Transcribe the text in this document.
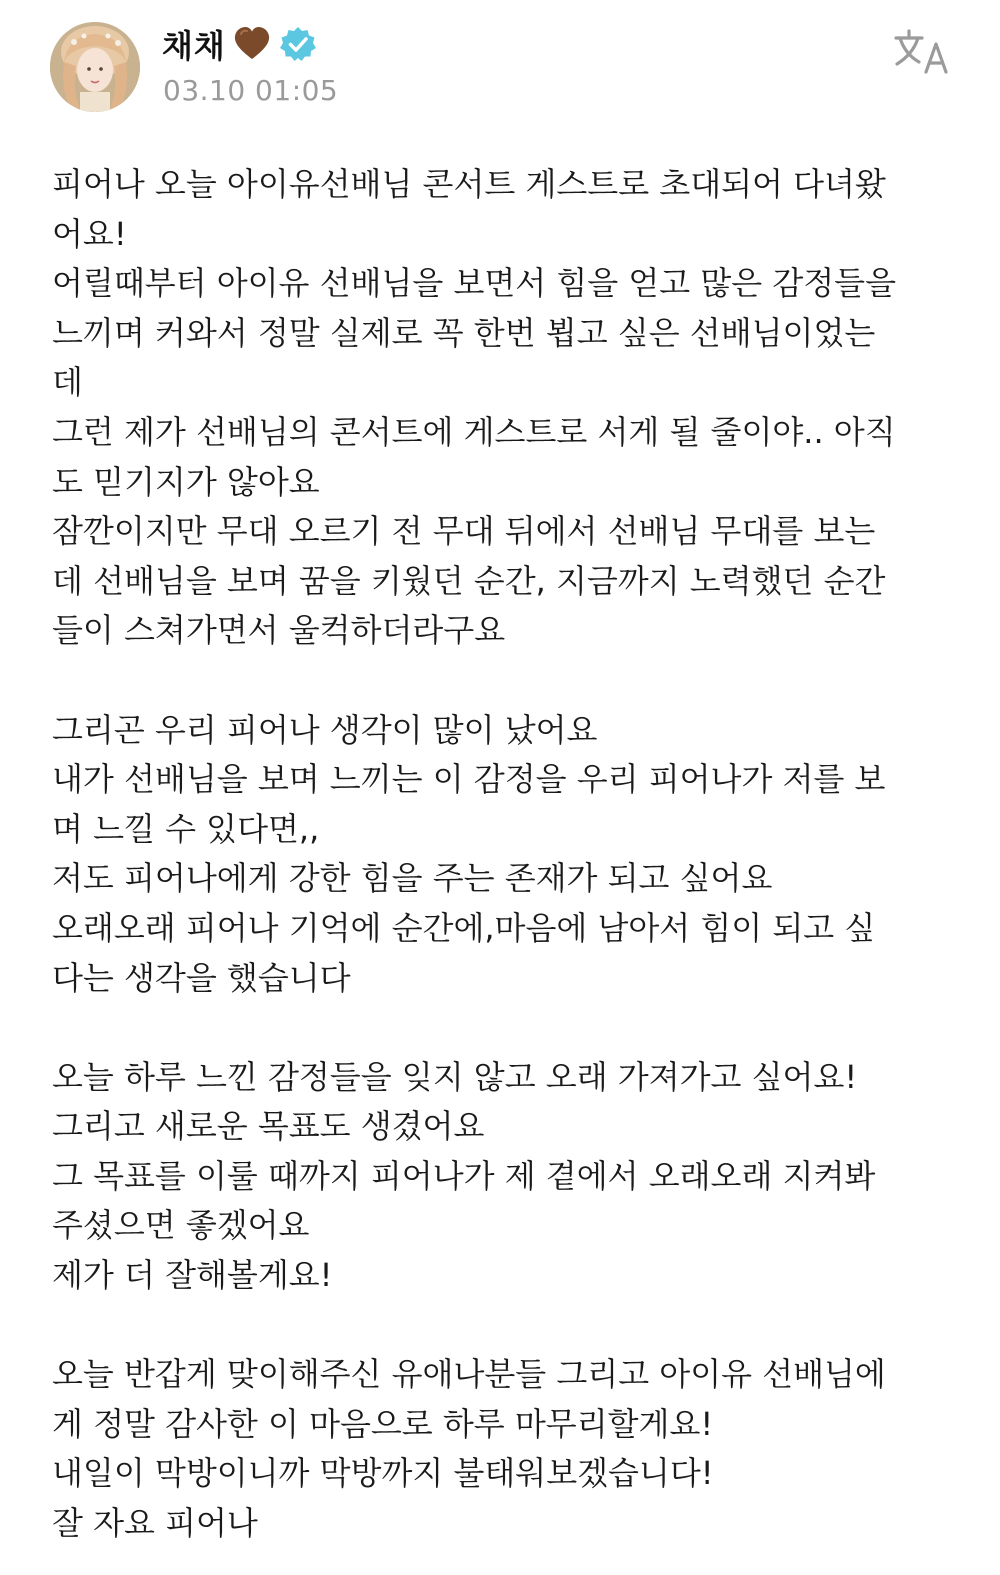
채채
03.10 01:05
피어나 오늘 아이유선배님 콘서트 게스트로 초대되어 다녀왔
어요!
어릴때부터 아이유 선배님을 보면서 힘을 얻고 많은 감정들을
느끼며 커와서 정말 실제로 꼭 한번 뵙고 싶은 선배님이었는
데
그런 제가 선배님의 콘서트에 게스트로 서게 될 줄이야.. 아직
도 믿기지가 않아요
잠깐이지만 무대 오르기 전 무대 뒤에서 선배님 무대를 보는
데 선배님을 보며 꿈을 키웠던 순간, 지금까지 노력했던 순간
들이 스쳐가면서 울컥하더라구요
그리곤 우리 피어나 생각이 많이 났어요
내가 선배님을 보며 느끼는 이 감정을 우리 피어나가 저를 보
며 느낄 수 있다면,,
저도 피어나에게 강한 힘을 주는 존재가 되고 싶어요
오래오래 피어나 기억에 순간에,마음에 남아서 힘이 되고 싶
다는 생각을 했습니다
오늘 하루 느낀 감정들을 잊지 않고 오래 가져가고 싶어요!
그리고 새로운 목표도 생겼어요
그 목표를 이룰 때까지 피어나가 제 곁에서 오래오래 지켜봐
주셨으면 좋겠어요
제가 더 잘해볼게요!
오늘 반갑게 맞이해주신 유애나분들 그리고 아이유 선배님에
게 정말 감사한 이 마음으로 하루 마무리할게요!
내일이 막방이니까 막방까지 불태워보겠습니다!
잘 자요 피어나
